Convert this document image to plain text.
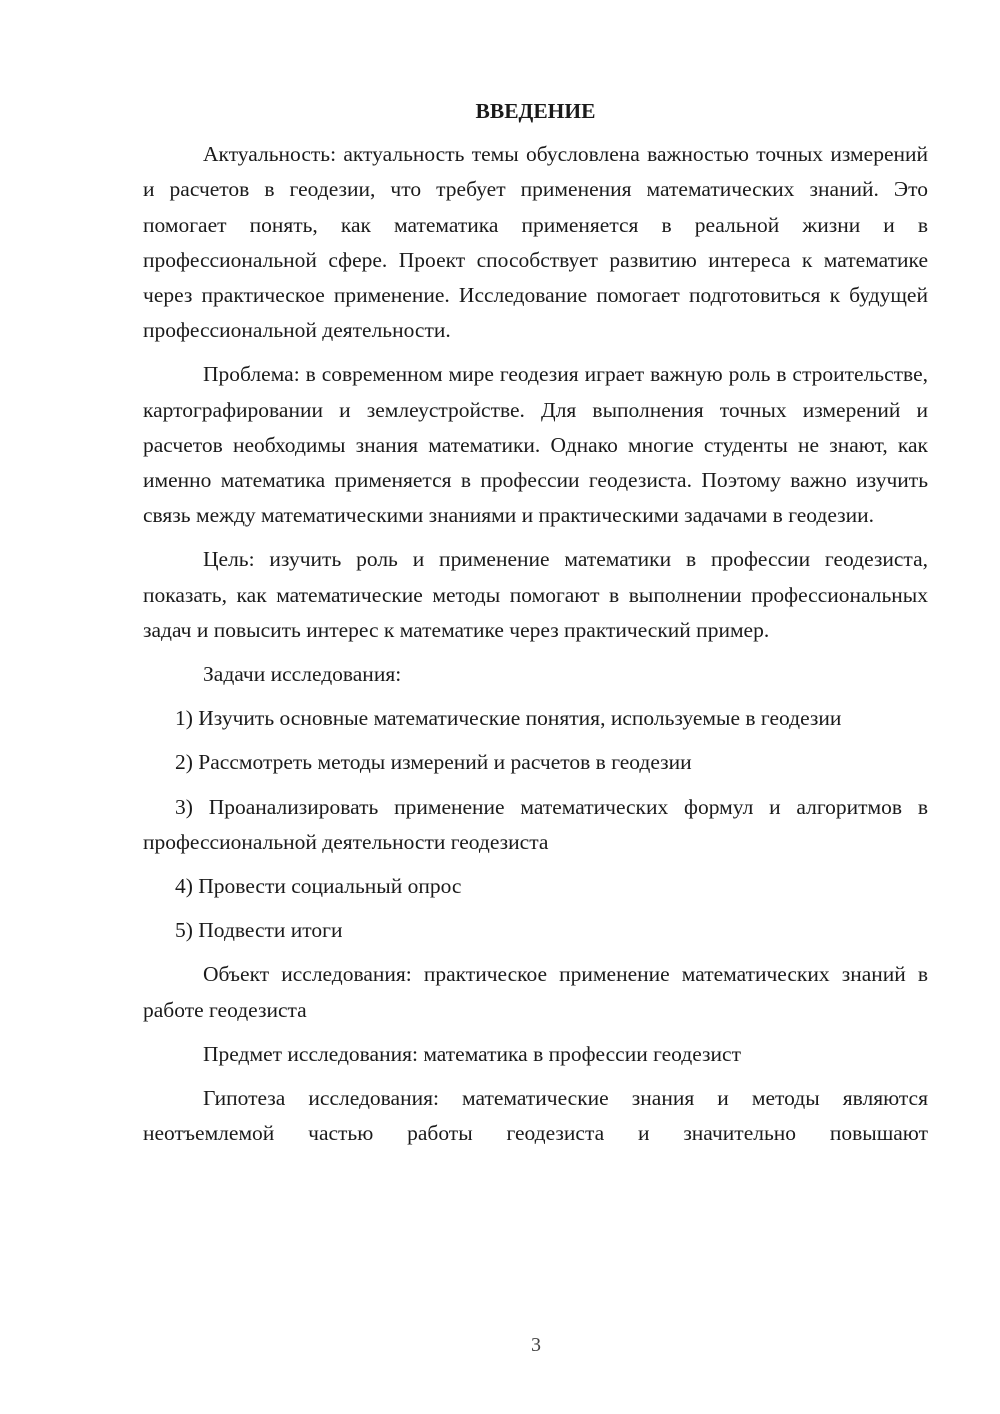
ВВЕДЕНИЕ

Актуальность: актуальность темы обусловлена важностью точных измерений и расчетов в геодезии, что требует применения математических знаний. Это помогает понять, как математика применяется в реальной жизни и в профессиональной сфере. Проект способствует развитию интереса к математике через практическое применение. Исследование помогает подготовиться к будущей профессиональной деятельности.

Проблема: в современном мире геодезия играет важную роль в строительстве, картографировании и землеустройстве. Для выполнения точных измерений и расчетов необходимы знания математики. Однако многие студенты не знают, как именно математика применяется в профессии геодезиста. Поэтому важно изучить связь между математическими знаниями и практическими задачами в геодезии.

Цель: изучить роль и применение математики в профессии геодезиста, показать, как математические методы помогают в выполнении профессиональных задач и повысить интерес к математике через практический пример.

Задачи исследования:

1) Изучить основные математические понятия, используемые в геодезии

2) Рассмотреть методы измерений и расчетов в геодезии

3) Проанализировать применение математических формул и алгоритмов в профессиональной деятельности геодезиста

4) Провести социальный опрос

5) Подвести итоги

Объект исследования: практическое применение математических знаний в работе геодезиста

Предмет исследования: математика в профессии геодезист

Гипотеза исследования: математические знания и методы являются неотъемлемой частью работы геодезиста и значительно повышают

3
